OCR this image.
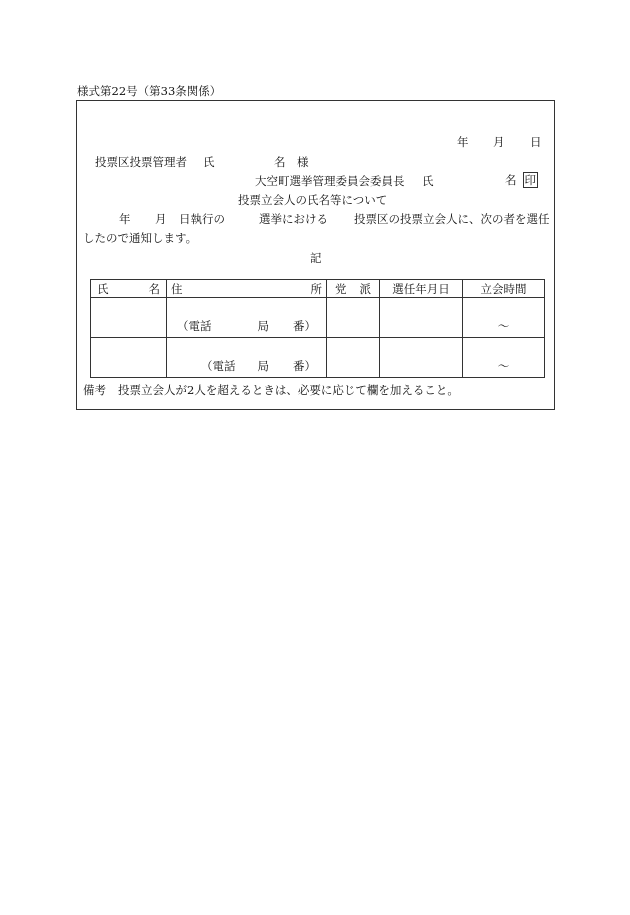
様式第22号（第33条関係）
年 月 日
投票区投票管理者 氏	名 様
大空町選挙管理委員会委員長 氏	名 印
投票立会人の氏名等について
年 月 日執行の	選挙における 投票区の投票立会人に、次の者を選任
したので通知します。
記
氏 名	住 所	党 派	選任年月日	立会時間
	（電話 局 番）			～
	（電話 局 番）			～
備考 投票立会人が2人を超えるときは、必要に応じて欄を加えること。
